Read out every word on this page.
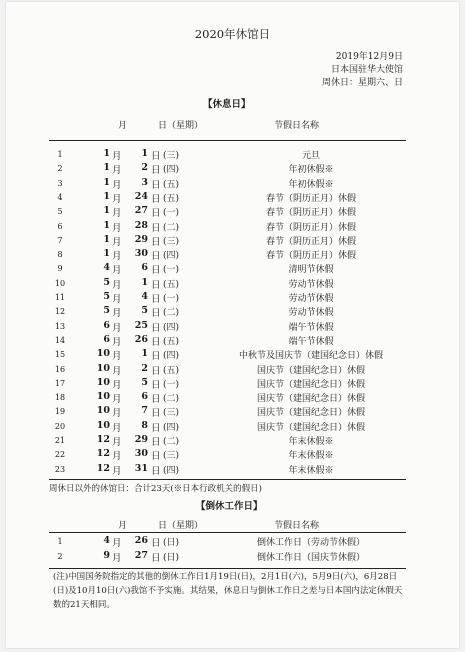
2020年休馆日
2019年12月9日
日本国驻华大使馆
周休日：星期六、日
【休息日】
月	日（星期）	节假日名称
1	1 月	1 日 (三)	元旦
2	1 月	2 日 (四)	年初休假※
3	1 月	3 日 (五)	年初休假※
4	1 月	24 日 (五)	春节（阴历正月）休假
5	1 月	27 日 (一)	春节（阴历正月）休假
6	1 月	28 日 (二)	春节（阴历正月）休假
7	1 月	29 日 (三)	春节（阴历正月）休假
8	1 月	30 日 (四)	春节（阴历正月）休假
9	4 月	6 日 (一)	清明节休假
10	5 月	1 日 (五)	劳动节休假
11	5 月	4 日 (一)	劳动节休假
12	5 月	5 日 (二)	劳动节休假
13	6 月	25 日 (四)	端午节休假
14	6 月	26 日 (五)	端午节休假
15	10 月	1 日 (四)	中秋节及国庆节（建国纪念日）休假
16	10 月	2 日 (五)	国庆节（建国纪念日）休假
17	10 月	5 日 (一)	国庆节（建国纪念日）休假
18	10 月	6 日 (二)	国庆节（建国纪念日）休假
19	10 月	7 日 (三)	国庆节（建国纪念日）休假
20	10 月	8 日 (四)	国庆节（建国纪念日）休假
21	12 月	29 日 (二)	年末休假※
22	12 月	30 日 (三)	年末休假※
23	12 月	31 日 (四)	年末休假※
周休日以外的休馆日：合计23天(※日本行政机关的假日)
【倒休工作日】
月	日（星期）	节假日名称
1	4 月	26 日 (日)	倒休工作日（劳动节休假）
2	9 月	27 日 (日)	倒休工作日（国庆节休假）
(注)中国国务院指定的其他的倒休工作日1月19日(日)，2月1日(六)，5月9日(六)，6月28日(日)及10月10日(六)我馆不予实施。其结果，休息日与倒休工作日之差与日本国内法定休假天数的21天相同。
